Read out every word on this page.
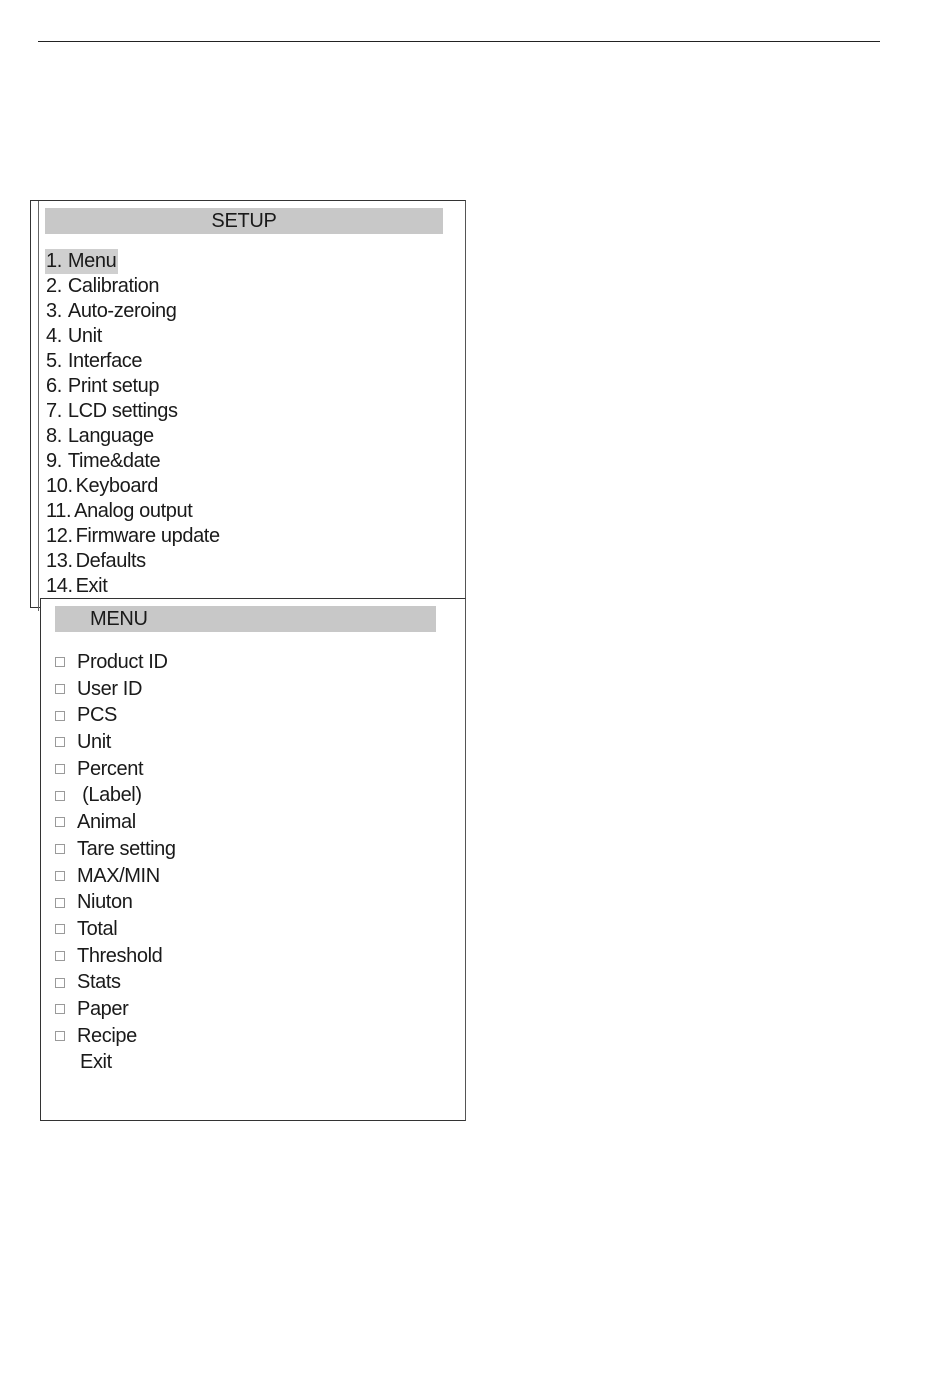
SETUP
1. Menu
2. Calibration
3. Auto-zeroing
4. Unit
5. Interface
6. Print setup
7. LCD settings
8. Language
9. Time&date
10. Keyboard
11. Analog output
12. Firmware update
13. Defaults
14. Exit
MENU
Product ID
User ID
PCS
Unit
Percent
(Label)
Animal
Tare setting
MAX/MIN
Niuton
Total
Threshold
Stats
Paper
Recipe
Exit
